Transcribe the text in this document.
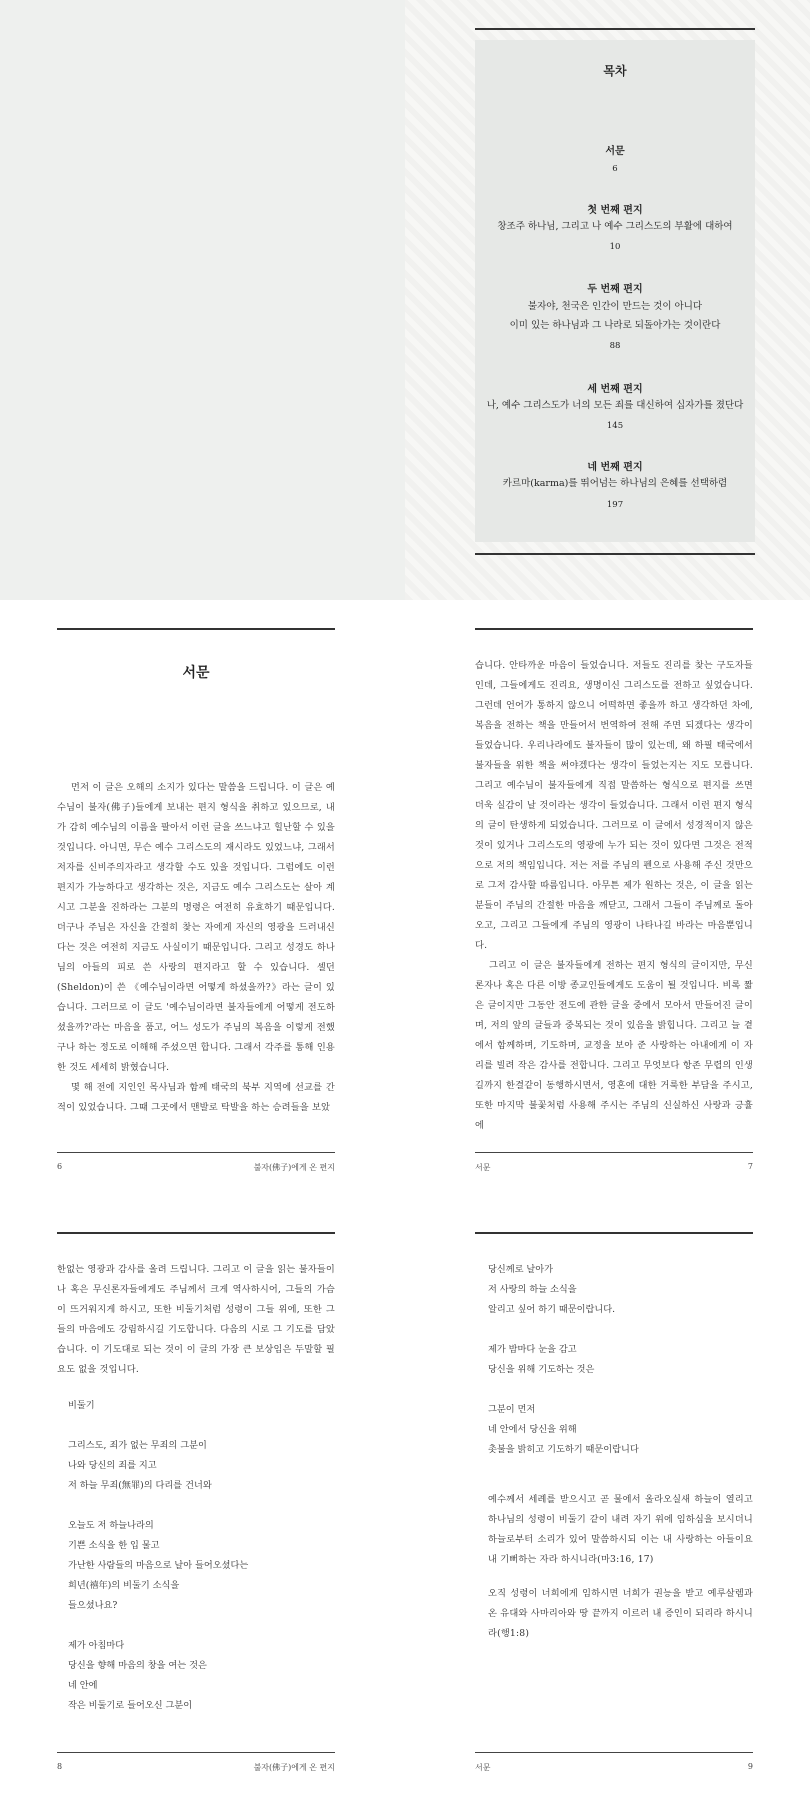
목차
서문
6
첫 번째 편지
창조주 하나님, 그리고 나 예수 그리스도의 부활에 대하여
10
두 번째 편지
불자야, 천국은 인간이 만드는 것이 아니다
이미 있는 하나님과 그 나라로 되돌아가는 것이란다
88
세 번째 편지
나, 예수 그리스도가 너의 모든 죄를 대신하여 십자가를 졌단다
145
네 번째 편지
카르마(karma)를 뛰어넘는 하나님의 은혜를 선택하렴
197
서문

먼저 이 글은 오해의 소지가 있다는 말씀을 드립니다. 이 글은 예수님이 불자(佛子)들에게 보내는 편지 형식을 취하고 있으므로, 내가 감히 예수님의 이름을 팔아서 이런 글을 쓰느냐고 힐난할 수 있을 것입니다. 아니면, 무슨 예수 그리스도의 재시라도 있었느냐, 그래서 저자를 신비주의자라고 생각할 수도 있을 것입니다. 그럼에도 이런 편지가 가능하다고 생각하는 것은, 지금도 예수 그리스도는 살아 계시고 그분을 진하라는 그분의 명령은 여전히 유효하기 때문입니다. 더구나 주님은 자신을 간절히 찾는 자에게 자신의 영광을 드러내신다는 것은 여전히 지금도 사실이기 때문입니다. 그리고 성경도 하나님의 아들의 피로 쓴 사랑의 편지라고 할 수 있습니다. 셀던(Sheldon)이 쓴 《예수님이라면 어떻게 하셨을까?》라는 글이 있습니다. 그러므로 이 글도 '예수님이라면 불자들에게 어떻게 전도하셨을까?'라는 마음을 품고, 어느 성도가 주님의 복음을 이렇게 전했구나 하는 정도로 이해해 주셨으면 합니다. 그래서 각주를 통해 인용한 것도 세세히 밝혔습니다.

몇 해 전에 지인인 목사님과 함께 태국의 북부 지역에 선교를 간 적이 있었습니다. 그때 그곳에서 맨발로 탁발을 하는 승려들을 보았

6	불자(佛子)에게 온 편지

습니다. 안타까운 마음이 들었습니다. 저들도 진리를 찾는 구도자들인데, 그들에게도 진리요, 생명이신 그리스도를 전하고 싶었습니다. 그런데 언어가 통하지 않으니 어떡하면 좋을까 하고 생각하던 차에, 복음을 전하는 책을 만들어서 번역하여 전해 주면 되겠다는 생각이 들었습니다. 우리나라에도 불자들이 많이 있는데, 왜 하필 태국에서 불자들을 위한 책을 써야겠다는 생각이 들었는지는 지도 모릅니다. 그리고 예수님이 불자들에게 직접 말씀하는 형식으로 편지를 쓰면 더욱 실감이 날 것이라는 생각이 들었습니다. 그래서 이런 편지 형식의 글이 탄생하게 되었습니다. 그러므로 이 글에서 성경적이지 않은 것이 있거나 그리스도의 영광에 누가 되는 것이 있다면 그것은 전적으로 저의 책임입니다. 저는 저를 주님의 펜으로 사용해 주신 것만으로 그저 감사할 따름입니다. 아무튼 제가 원하는 것은, 이 글을 읽는 분들이 주님의 간절한 마음을 깨닫고, 그래서 그들이 주님께로 돌아오고, 그리고 그들에게 주님의 영광이 나타나길 바라는 마음뿐입니다.

그리고 이 글은 불자들에게 전하는 편지 형식의 글이지만, 무신론자나 혹은 다른 이방 종교인들에게도 도움이 될 것입니다. 비록 짧은 글이지만 그동안 전도에 관한 글을 중에서 모아서 만들어진 글이며, 저의 앞의 글들과 중복되는 것이 있음을 밝힙니다. 그리고 늘 곁에서 함께하며, 기도하며, 교정을 보아 준 사랑하는 아내에게 이 자리를 빌려 작은 감사를 전합니다. 그리고 무엇보다 항존 무렵의 인생길까지 한결같이 동행하시면서, 영혼에 대한 거룩한 부담을 주시고, 또한 마지막 불꽃처럼 사용해 주시는 주님의 신실하신 사랑과 긍휼에

서문	7

한없는 영광과 감사를 올려 드립니다. 그리고 이 글을 읽는 불자들이나 혹은 무신론자들에게도 주님께서 크게 역사하시어, 그들의 가슴이 뜨거워지게 하시고, 또한 비둘기처럼 성령이 그들 위에, 또한 그들의 마음에도 강림하시길 기도합니다. 다음의 시로 그 기도를 담았습니다. 이 기도대로 되는 것이 이 글의 가장 큰 보상임은 두말할 필요도 없을 것입니다.

비둘기
그리스도, 죄가 없는 무죄의 그분이
나와 당신의 죄를 지고
저 하늘 무죄(無罪)의 다리를 건너와
오늘도 저 하늘나라의
기쁜 소식을 한 입 물고
가난한 사람들의 마음으로 날아 들어오셨다는
희년(禧年)의 비둘기 소식을
들으셨나요?
제가 아침마다
당신을 향해 마음의 창을 여는 것은
네 안에
작은 비둘기로 들어오신 그분이
8	불자(佛子)에게 온 편지
당신께로 날아가
저 사랑의 하늘 소식을
알리고 싶어 하기 때문이랍니다.
제가 밤마다 눈을 감고
당신을 위해 기도하는 것은
그분이 먼저
네 안에서 당신을 위해
촛불을 밝히고 기도하기 때문이랍니다

예수께서 세례를 받으시고 곧 물에서 올라오실새 하늘이 열리고 하나님의 성령이 비둘기 같이 내려 자기 위에 임하심을 보시더니 하늘로부터 소리가 있어 말씀하시되 이는 내 사랑하는 아들이요 내 기뻐하는 자라 하시니라(마3:16, 17)

오직 성령이 너희에게 임하시면 너희가 권능을 받고 예루살렘과 온 유대와 사마리아와 땅 끝까지 이르러 내 증인이 되리라 하시니라(행1:8)

서문	9
